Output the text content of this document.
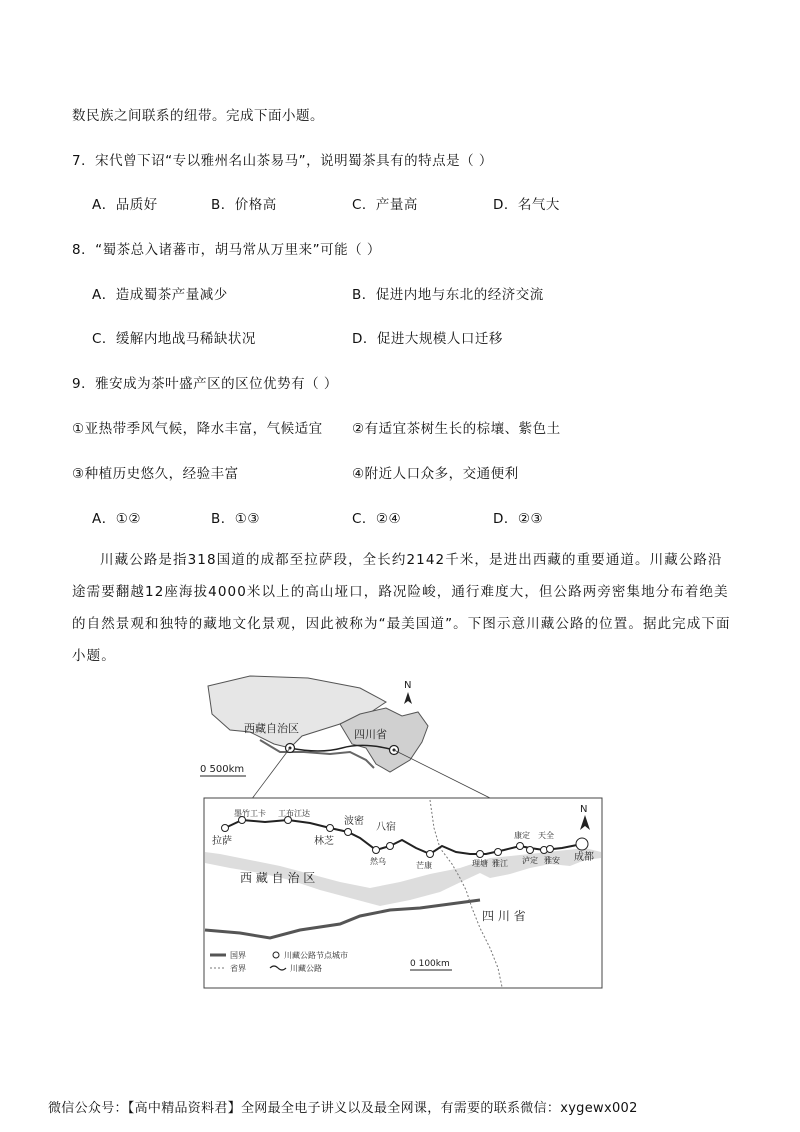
数民族之间联系的纽带。完成下面小题。
7．宋代曾下诏“专以雅州名山茶易马”，说明蜀茶具有的特点是（ ）
A．品质好	B．价格高	C．产量高	D．名气大
8．“蜀茶总入诸蕃市，胡马常从万里来”可能（ ）
A．造成蜀茶产量减少	B．促进内地与东北的经济交流
C．缓解内地战马稀缺状况	D．促进大规模人口迁移
9．雅安成为茶叶盛产区的区位优势有（ ）
①亚热带季风气候，降水丰富，气候适宜 ②有适宜茶树生长的棕壤、紫色土
③种植历史悠久，经验丰富	④附近人口众多，交通便利
A．①②	B．①③	C．②④	D．②③
川藏公路是指318国道的成都至拉萨段，全长约2142千米，是进出西藏的重要通道。川藏公路沿途需要翻越12座海拔4000米以上的高山垭口，路况险峻，通行难度大，但公路两旁密集地分布着绝美的自然景观和独特的藏地文化景观，因此被称为“最美国道”。下图示意川藏公路的位置。据此完成下面小题。
西藏自治区	四川省
N
0 500km
拉萨
墨竹工卡 工布江达
林芝
波密
八宿
然乌	芒康	理塘 雅江
康定 天全
泸定 雅安 成都
西 藏 自 治 区
四 川 省
N
国界
省界
川藏公路节点城市
川藏公路	0 100km
微信公众号：【高中精品资料君】全网最全电子讲义以及最全网课，有需要的联系微信：xygewx002
